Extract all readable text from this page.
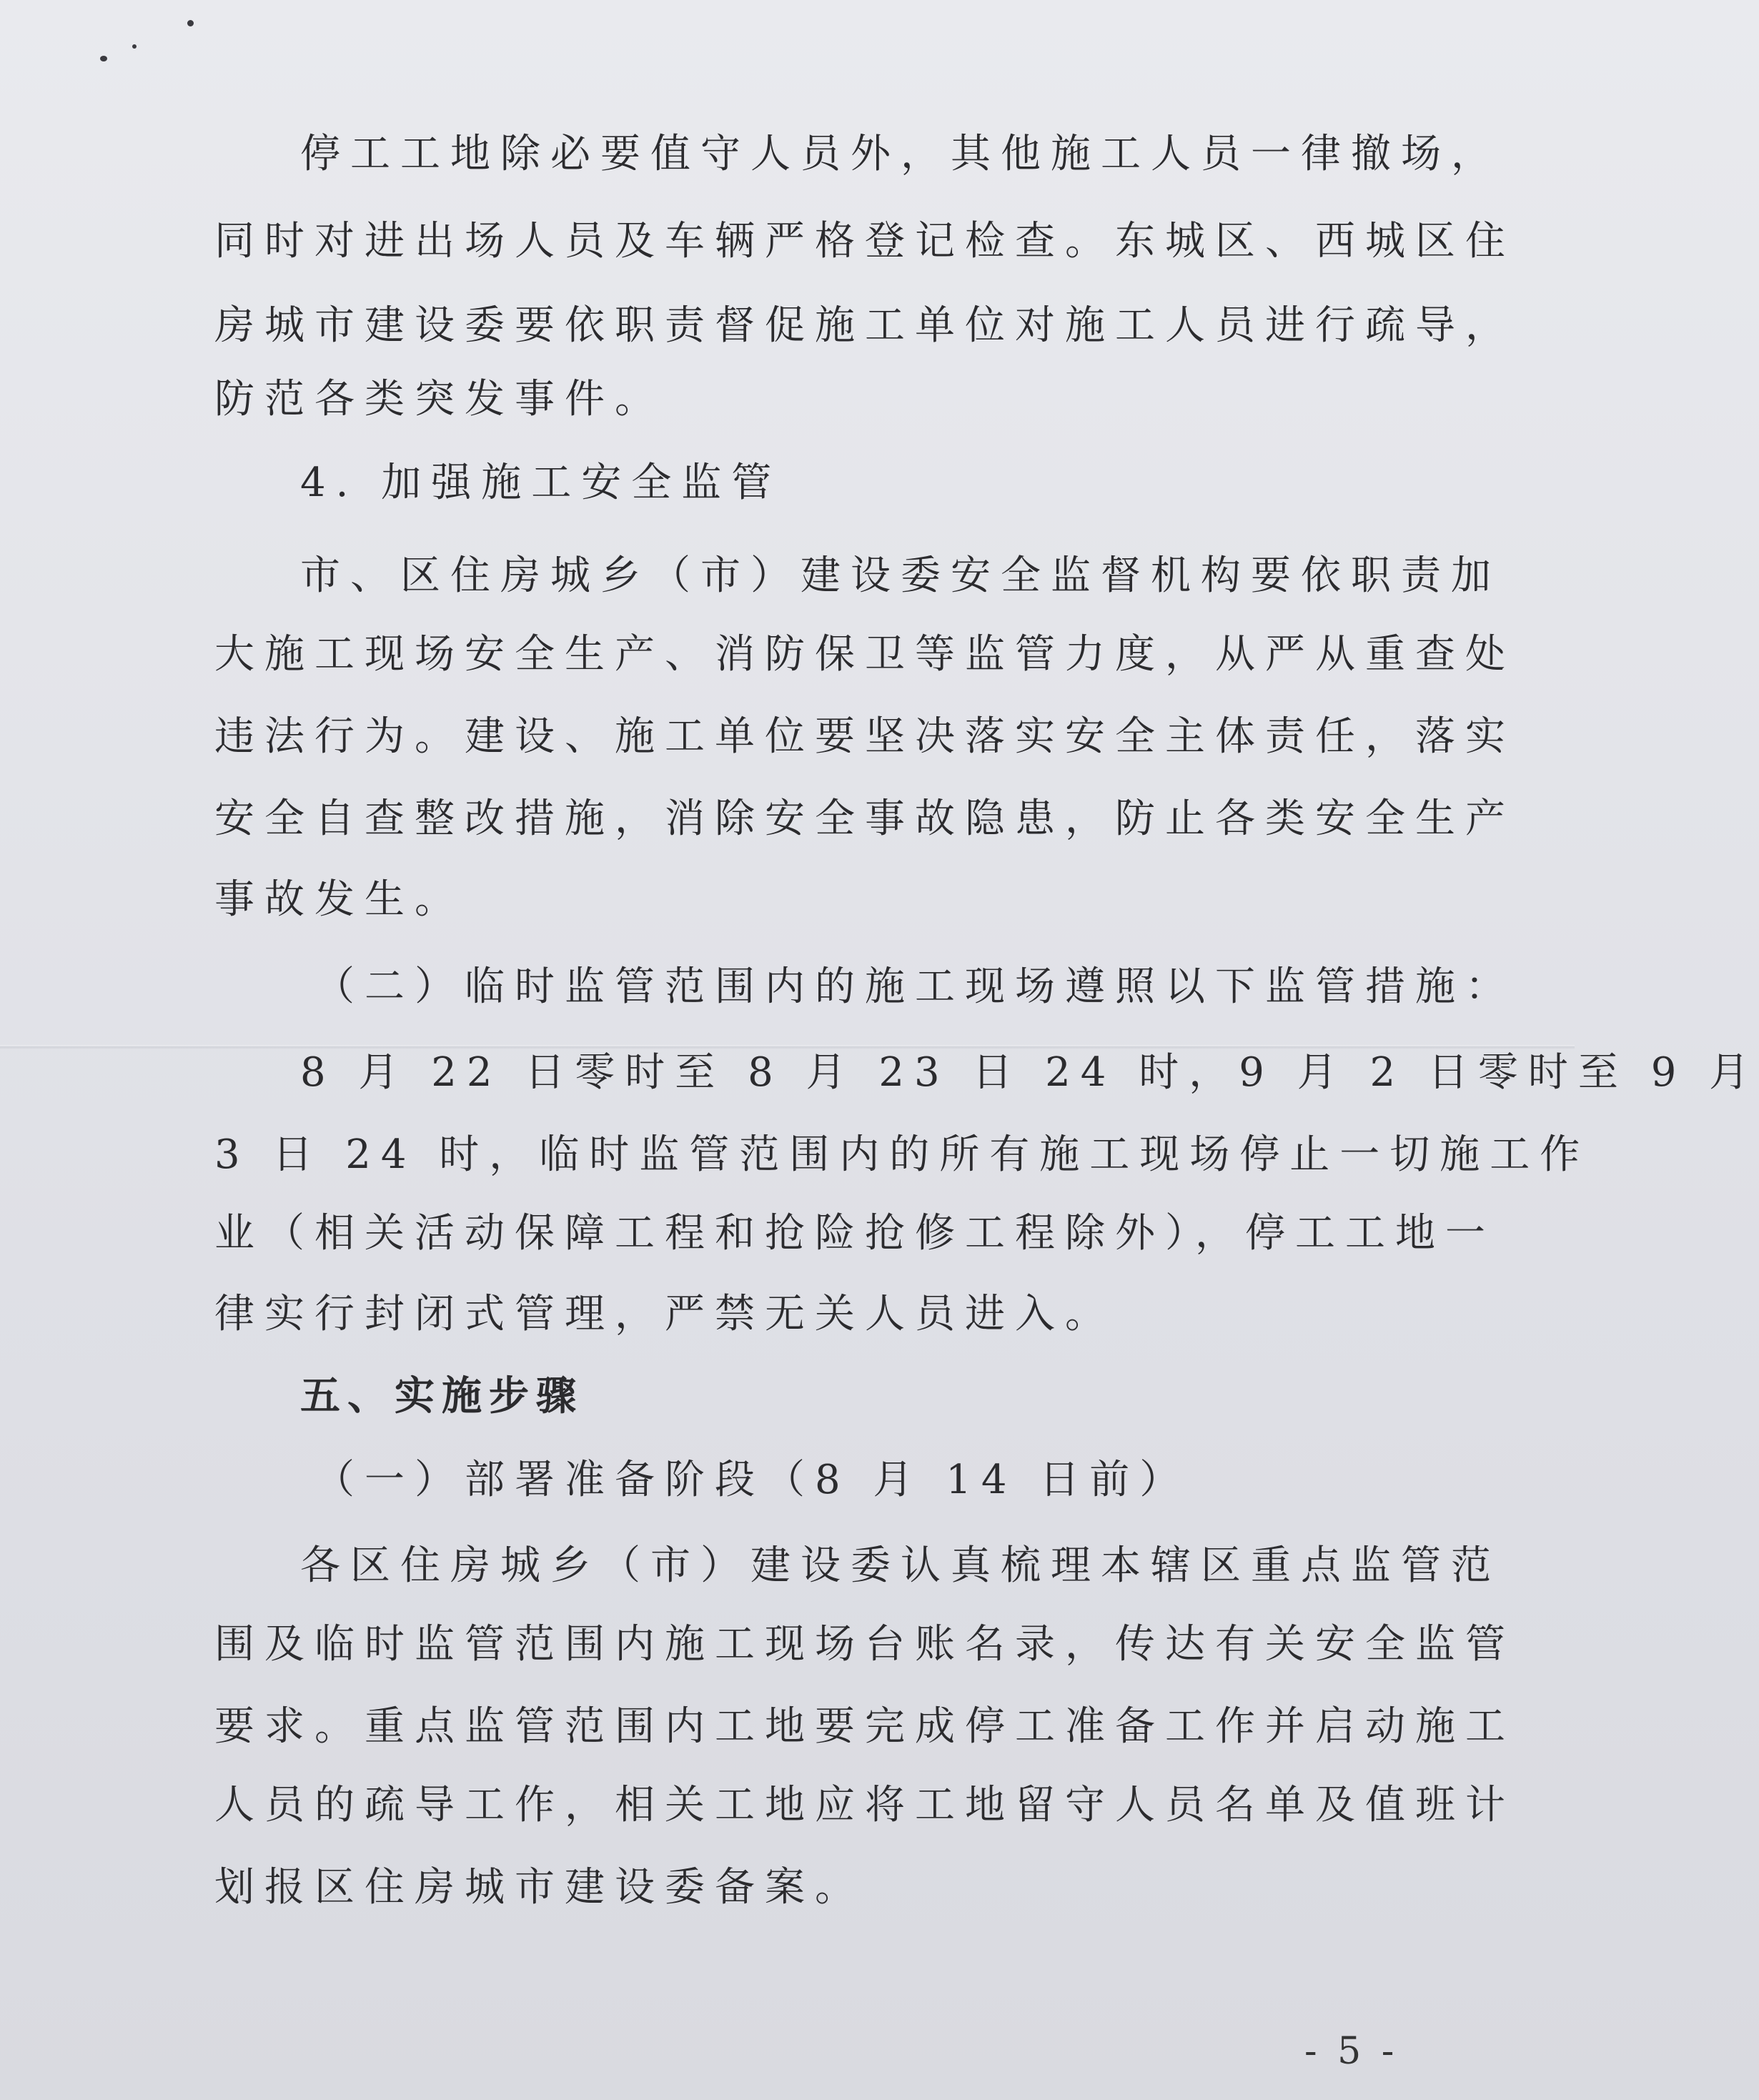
停工工地除必要值守人员外，其他施工人员一律撤场，
同时对进出场人员及车辆严格登记检查。东城区、西城区住
房城市建设委要依职责督促施工单位对施工人员进行疏导，
防范各类突发事件。
4. 加强施工安全监管
市、区住房城乡（市）建设委安全监督机构要依职责加
大施工现场安全生产、消防保卫等监管力度，从严从重查处
违法行为。建设、施工单位要坚决落实安全主体责任，落实
安全自查整改措施，消除安全事故隐患，防止各类安全生产
事故发生。
（二）临时监管范围内的施工现场遵照以下监管措施：
8 月 22 日零时至 8 月 23 日 24 时，9 月 2 日零时至 9 月
3 日 24 时，临时监管范围内的所有施工现场停止一切施工作
业（相关活动保障工程和抢险抢修工程除外），停工工地一
律实行封闭式管理，严禁无关人员进入。
五、实施步骤
（一）部署准备阶段（8 月 14 日前）
各区住房城乡（市）建设委认真梳理本辖区重点监管范
围及临时监管范围内施工现场台账名录，传达有关安全监管
要求。重点监管范围内工地要完成停工准备工作并启动施工
人员的疏导工作，相关工地应将工地留守人员名单及值班计
划报区住房城市建设委备案。
- 5 -
